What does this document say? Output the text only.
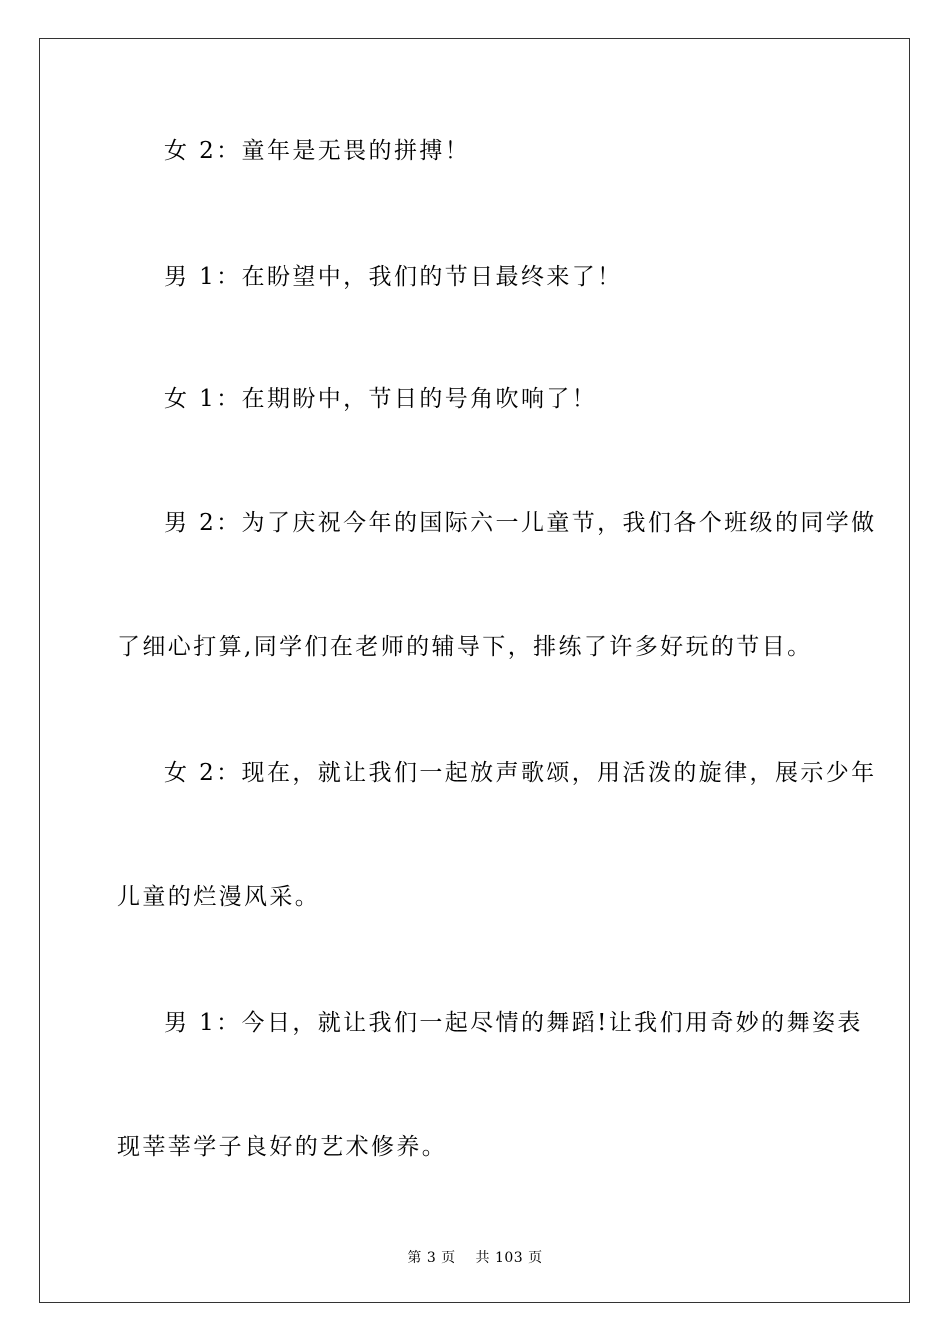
女 2：童年是无畏的拼搏！
男 1：在盼望中，我们的节日最终来了！
女 1：在期盼中，节日的号角吹响了！
男 2：为了庆祝今年的国际六一儿童节，我们各个班级的同学做
了细心打算,同学们在老师的辅导下，排练了许多好玩的节目。
女 2：现在，就让我们一起放声歌颂，用活泼的旋律，展示少年
儿童的烂漫风采。
男 1：今日，就让我们一起尽情的舞蹈!让我们用奇妙的舞姿表
现莘莘学子良好的艺术修养。
第 3 页 共 103 页
